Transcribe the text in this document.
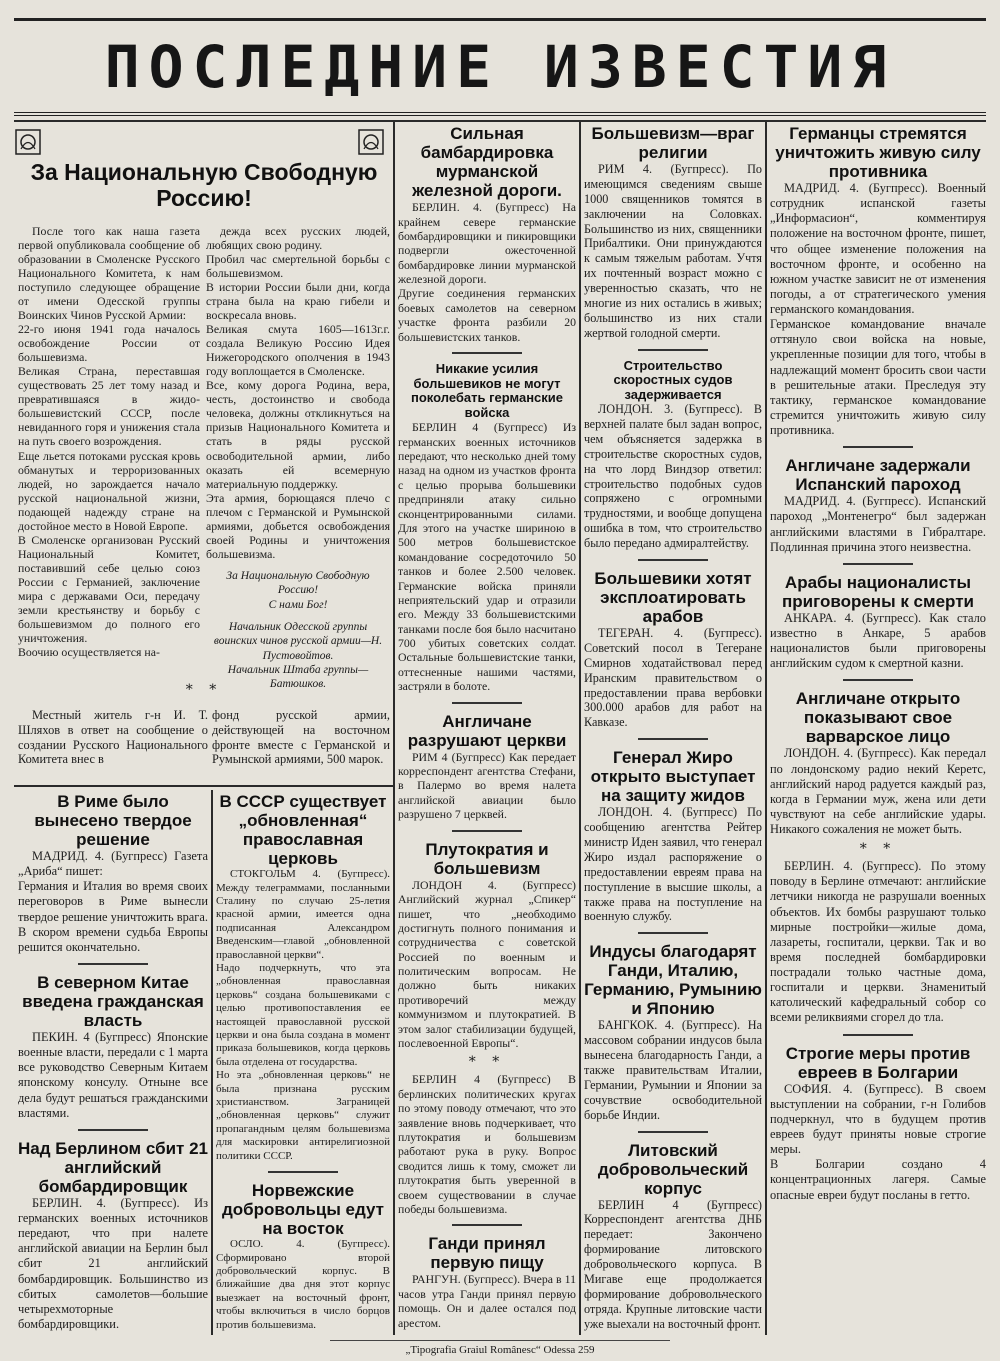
ПОСЛЕДНИЕ ИЗВЕСТИЯ
За Национальную Свободную Россию!
После того как наша газета первой опубликовала сообщение об образовании в Смоленске Русского Национального Комитета, к нам поступило следующее обращение от имени Одесской группы Воинских Чинов Русской Армии:
22-го июня 1941 года началось освобождение России от большевизма.
Великая Страна, переставшая существовать 25 лет тому назад и превратившаяся в жидо-большевистский СССР, после невиданного горя и унижения стала на путь своего возрождения.
Еще льется потоками русская кровь обманутых и терроризованных людей, но зарождается начало русской национальной жизни, подающей надежду стране на достойное место в Новой Европе.
В Смоленске организован Русский Национальный Комитет, поставивший себе целью союз России с Германией, заключение мира с державами Оси, передачу земли крестьянству и борьбу с большевизмом до полного его уничтожения.
Воочию осуществляется на-
дежда всех русских людей, любящих свою родину.
Пробил час смертельной борьбы с большевизмом.
В истории России были дни, когда страна была на краю гибели и воскресала вновь.
Великая смута 1605—1613г.г. создала Великую Россию Идея Нижегородского ополчения в 1943 году воплощается в Смоленске.
Все, кому дорога Родина, вера, честь, достоинство и свобода человека, должны откликнуться на призыв Национального Комитета и стать в ряды русской освободительной армии, либо оказать ей всемерную материальную поддержку.
Эта армия, борющаяся плечо с плечом с Германской и Румынской армиями, добьется освобождения своей Родины и уничтожения большевизма.
За Национальную Свободную Россию!
С нами Бог!
Начальник Одесской группы воинских чинов русской армии—Н. Пустовойтов.
Начальник Штаба группы— Батюшков.
* *
Местный житель г-н И. Т. Шляхов в ответ на сообщение о создании Русского Национального Комитета внес в
фонд русской армии, действующей на восточном фронте вместе с Германской и Румынской армиями, 500 марок.
В Риме было вынесено твердое решение
МАДРИД. 4. (Бугпресс) Газета „Ариба“ пишет:
Германия и Италия во время своих переговоров в Риме вынесли твердое решение уничтожить врага. В скором времени судьба Европы решится окончательно.
В северном Китае введена гражданская власть
ПЕКИН. 4 (Бугпресс) Японские военные власти, передали с 1 марта все руководство Северным Китаем японскому консулу. Отныне все дела будут решаться гражданскими властями.
Над Берлином сбит 21 английский бомбардировщик
БЕРЛИН. 4. (Бугпресс). Из германских военных источников передают, что при налете английской авиации на Берлин был сбит 21 английский бомбардировщик. Большинство из сбитых самолетов—большие четырехмоторные бомбардировщики.
В СССР существует „обновленная“ православная церковь
СТОКГОЛЬМ 4. (Бугпресс). Между телеграммами, посланными Сталину по случаю 25-летия красной армии, имеется одна подписанная Александром Введенским—главой „обновленной православной церкви“.
Надо подчеркнуть, что эта „обновленная православная церковь“ создана большевиками с целью противопоставления ее настоящей православной русской церкви и она была создана в момент приказа большевиков, когда церковь была отделена от государства.
Но эта „обновленная церковь“ не была признана русским христианством. Заграницей „обновленная церковь“ служит пропагандным целям большевизма для маскировки антирелигиозной политики СССР.
Норвежские добровольцы едут на восток
ОСЛО. 4. (Бугпресс). Сформировано второй добровольческий корпус. В ближайшие два дня этот корпус выезжает на восточный фронт, чтобы включиться в число борцов против большевизма.
Сильная бамбардировка мурманской железной дороги.
БЕРЛИН. 4. (Бугпресс) На крайнем севере германские бомбардировщики и пикировщики подвергли ожесточенной бомбардировке линии мурманской железной дороги.
Другие соединения германских боевых самолетов на северном участке фронта разбили 20 большевистских танков.
Никакие усилия большевиков не могут поколебать германские войска
БЕРЛИН 4 (Бугпресс) Из германских военных источников передают, что несколько дней тому назад на одном из участков фронта с целью прорыва большевики предприняли атаку сильно сконцентрированными силами. Для этого на участке шириною в 500 метров большевистское командование сосредоточило 50 танков и более 2.500 человек. Германские войска приняли неприятельский удар и отразили его. Между 33 большевистскими танками после боя было насчитано 700 убитых советских солдат. Остальные большевистские танки, оттесненные нашими частями, застряли в болоте.
Англичане разрушают церкви
РИМ 4 (Бугпресс) Как передает корреспондент агентства Стефани, в Палермо во время налета английской авиации было разрушено 7 церквей.
Плутократия и большевизм
ЛОНДОН 4. (Бугпресс) Английский журнал „Спикер“ пишет, что „необходимо достигнуть полного понимания и сотрудничества с советской Россией по военным и политическим вопросам. Не должно быть никаких противоречий между коммунизмом и плутократией. В этом залог стабилизации будущей, послевоенной Европы“.
* *
БЕРЛИН 4 (Бугпресс) В берлинских политических кругах по этому поводу отмечают, что это заявление вновь подчеркивает, что плутократия и большевизм работают рука в руку. Вопрос сводится лишь к тому, сможет ли плутократия быть уверенной в своем существовании в случае победы большевизма.
Ганди принял первую пищу
РАНГУН. (Бугпресс). Вчера в 11 часов утра Ганди принял первую помощь. Он и далее остался под арестом.
Большевизм—враг религии
РИМ 4. (Бугпресс). По имеющимся сведениям свыше 1000 священников томятся в заключении на Соловках. Большинство из них, священники Прибалтики. Они принуждаются к самым тяжелым работам. Учтя их почтенный возраст можно с уверенностью сказать, что не многие из них остались в живых; большинство из них стали жертвой голодной смерти.
Строительство скоростных судов задерживается
ЛОНДОН. 3. (Бугпресс). В верхней палате был задан вопрос, чем объясняется задержка в строительстве скоростных судов, на что лорд Виндзор ответил: строительство подобных судов сопряжено с огромными трудностями, и вообще допущена ошибка в том, что строительство было передано адмиралтейству.
Большевики хотят эксплоатировать арабов
ТЕГЕРАН. 4. (Бугпресс). Советский посол в Тегеране Смирнов ходатайствовал перед Иранским правительством о предоставлении права вербовки 300.000 арабов для работ на Кавказе.
Генерал Жиро открыто выступает на защиту жидов
ЛОНДОН. 4. (Бугпресс) По сообщению агентства Рейтер министр Иден заявил, что генерал Жиро издал распоряжение о предоставлении евреям права на поступление в высшие школы, а также права на поступление на военную службу.
Индусы благодарят Ганди, Италию, Германию, Румынию и Японию
БАНГКОК. 4. (Бугпресс). На массовом собрании индусов была вынесена благодарность Ганди, а также правительствам Италии, Германии, Румынии и Японии за сочувствие освободительной борьбе Индии.
Литовский добровольческий корпус
БЕРЛИН 4 (Бугпресс) Корреспондент агентства ДНБ передает: Закончено формирование литовского добровольческого корпуса. В Мигаве еще продолжается формирование добровольческого отряда. Крупные литовские части уже выехали на восточный фронт.
Германцы стремятся уничтожить живую силу противника
МАДРИД. 4. (Бугпресс). Военный сотрудник испанской газеты „Информасион“, комментируя положение на восточном фронте, пишет, что общее изменение положения на восточном фронте, и особенно на южном участке зависит не от изменения погоды, а от стратегического умения германского командования.
Германское командование вначале оттянуло свои войска на новые, укрепленные позиции для того, чтобы в надлежащий момент бросить свои части в решительные атаки. Преследуя эту тактику, германское командование стремится уничтожить живую силу противника.
Англичане задержали Испанский пароход
МАДРИД. 4. (Бугпресс). Испанский пароход „Монтенегро“ был задержан английскими властями в Гибралтаре. Подлинная причина этого неизвестна.
Арабы националисты приговорены к смерти
АНКАРА. 4. (Бугпресс). Как стало известно в Анкаре, 5 арабов националистов были приговорены английским судом к смертной казни.
Англичане открыто показывают свое варварское лицо
ЛОНДОН. 4. (Бугпресс). Как передал по лондонскому радио некий Керетс, английский народ радуется каждый раз, когда в Германии муж, жена или дети чувствуют на себе английские удары. Никакого сожаления не может быть.
* *
БЕРЛИН. 4. (Бугпресс). По этому поводу в Берлине отмечают: английские летчики никогда не разрушали военных объектов. Их бомбы разрушают только мирные постройки—жилые дома, лазареты, госпитали, церкви. Так и во время последней бомбардировки пострадали только частные дома, госпитали и церкви. Знаменитый католический кафедральный собор со всеми реликвиями сгорел до тла.
Строгие меры против евреев в Болгарии
СОФИЯ. 4. (Бугпресс). В своем выступлении на собрании, г-н Голибов подчеркнул, что в будущем против евреев будут приняты новые строгие меры.
В Болгарии создано 4 концентрационных лагеря. Самые опасные евреи будут посланы в гетто.
„Tipografia Graiul Românesc“ Odessa 259
